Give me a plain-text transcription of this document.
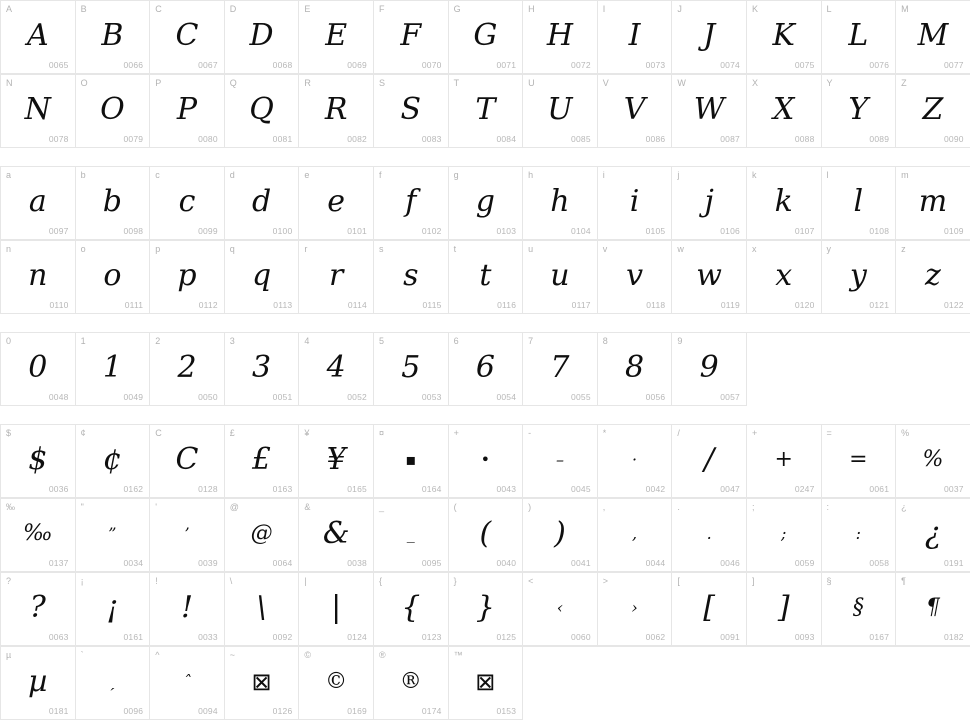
A
A
0065
B
B
0066
C
C
0067
D
D
0068
E
E
0069
F
F
0070
G
G
0071
H
H
0072
I
I
0073
J
J
0074
K
K
0075
L
L
0076
M
M
0077
N
N
0078
O
O
0079
P
P
0080
Q
Q
0081
R
R
0082
S
S
0083
T
T
0084
U
U
0085
V
V
0086
W
W
0087
X
X
0088
Y
Y
0089
Z
Z
0090
a
a
0097
b
b
0098
c
c
0099
d
d
0100
e
e
0101
f
f
0102
g
g
0103
h
h
0104
i
i
0105
j
j
0106
k
k
0107
l
l
0108
m
m
0109
n
n
0110
o
o
0111
p
p
0112
q
q
0113
r
r
0114
s
s
0115
t
t
0116
u
u
0117
v
v
0118
w
w
0119
x
x
0120
y
y
0121
z
z
0122
0
0
0048
1
1
0049
2
2
0050
3
3
0051
4
4
0052
5
5
0053
6
6
0054
7
7
0055
8
8
0056
9
9
0057
$
$
0036
¢
¢
0162
C
C
0128
£
£
0163
¥
¥
0165
¤
▪
0164
+
•
0043
-
–
0045
*
·
0042
/
/
0047
+
+
0247
=
=
0061
%
%
0037
‰
‰
0137
"
”
0034
'
’
0039
@
@
0064
&
&
0038
_
_
0095
(
(
0040
)
)
0041
,
,
0044
.
.
0046
;
;
0059
:
:
0058
¿
¿
0191
?
?
0063
¡
¡
0161
!
!
0033
\
\
0092
|
|
0124
{
{
0123
}
}
0125
<
‹
0060
>
›
0062
[
[
0091
]
]
0093
§
§
0167
¶
¶
0182
µ
µ
0181
`
ˏ
0096
^
ˆ
0094
~
⊠
0126
©
©
0169
®
®
0174
™
⊠
0153
